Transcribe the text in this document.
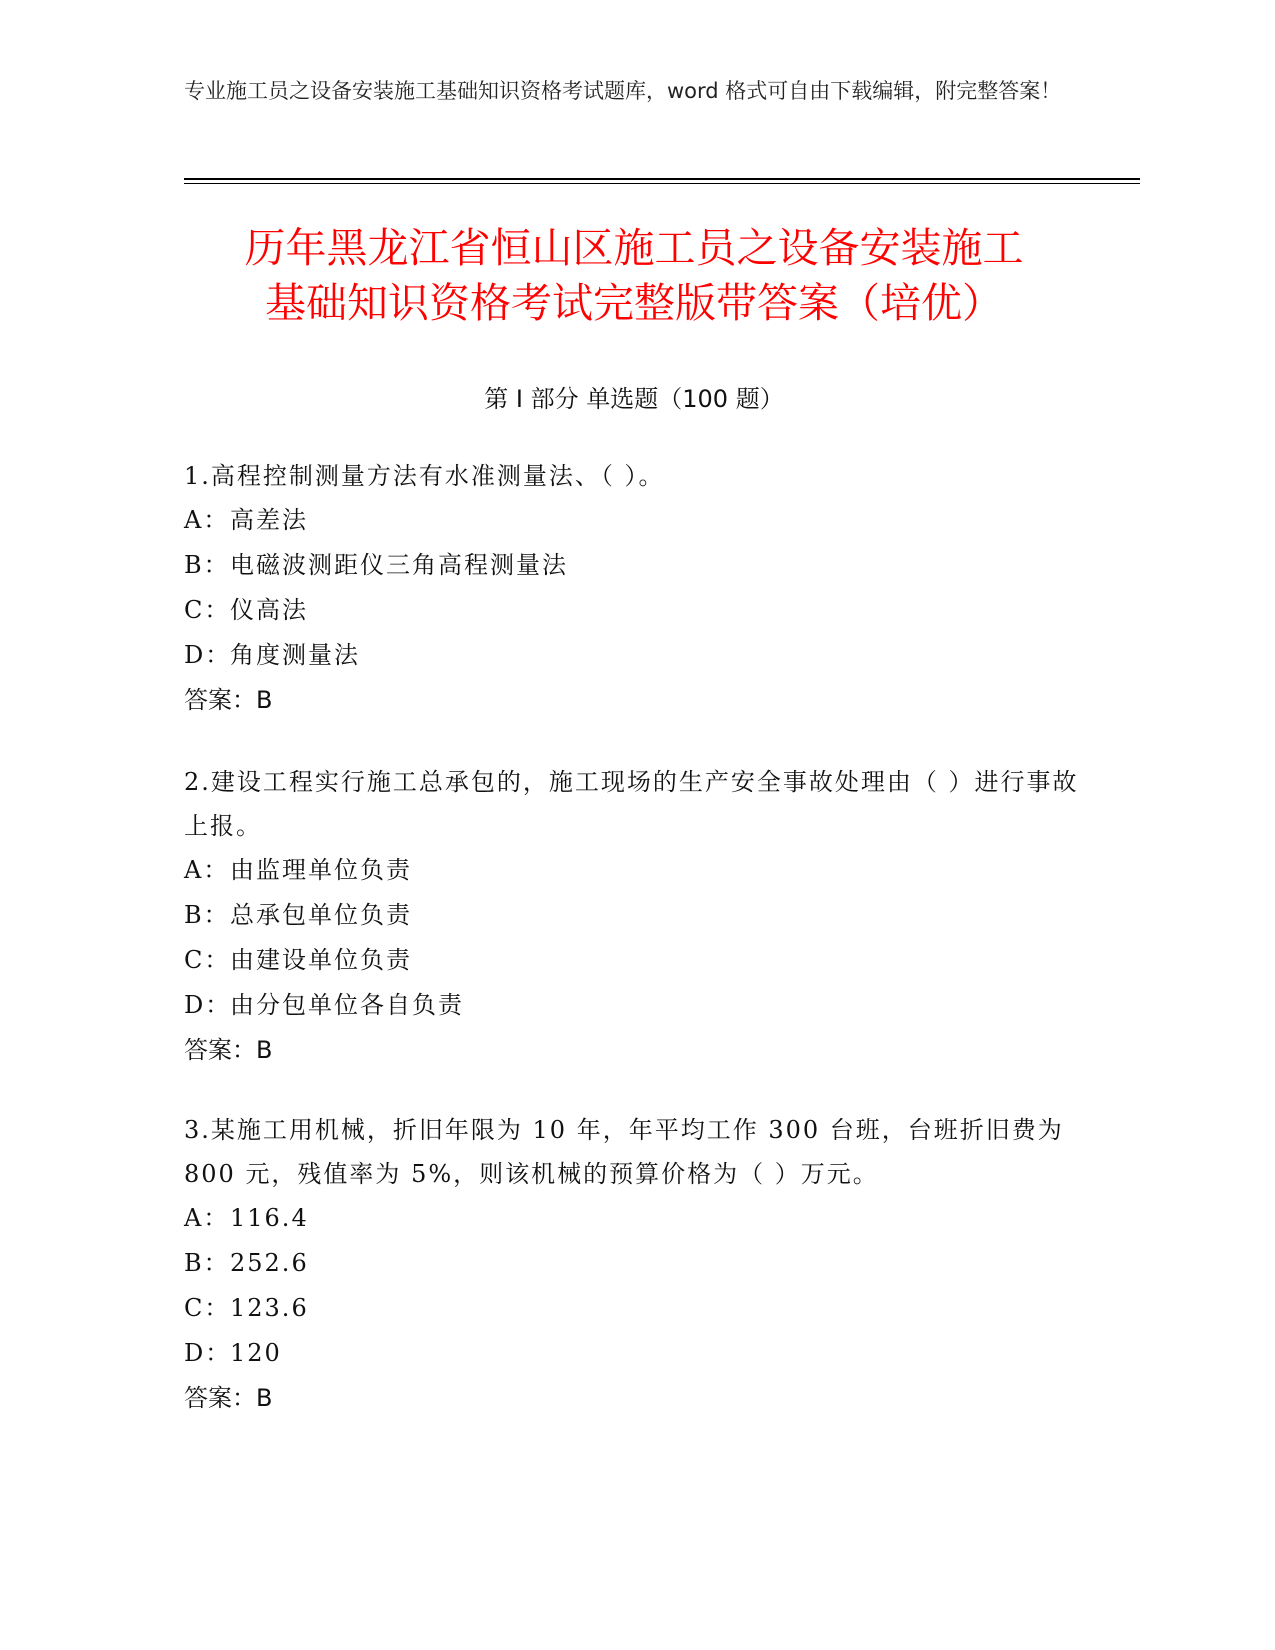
专业施工员之设备安装施工基础知识资格考试题库，word 格式可自由下载编辑，附完整答案！
历年黑龙江省恒山区施工员之设备安装施工
基础知识资格考试完整版带答案（培优）
第 I 部分 单选题（100 题）

1.高程控制测量方法有水准测量法、（ ）。

A：高差法

B：电磁波测距仪三角高程测量法

C：仪高法

D：角度测量法

答案：B

2.建设工程实行施工总承包的，施工现场的生产安全事故处理由（ ）进行事故上报。

A：由监理单位负责

B：总承包单位负责

C：由建设单位负责

D：由分包单位各自负责

答案：B

3.某施工用机械，折旧年限为 10 年，年平均工作 300 台班，台班折旧费为 800 元，残值率为 5%，则该机械的预算价格为（ ）万元。

A：116.4

B：252.6

C：123.6

D：120

答案：B
